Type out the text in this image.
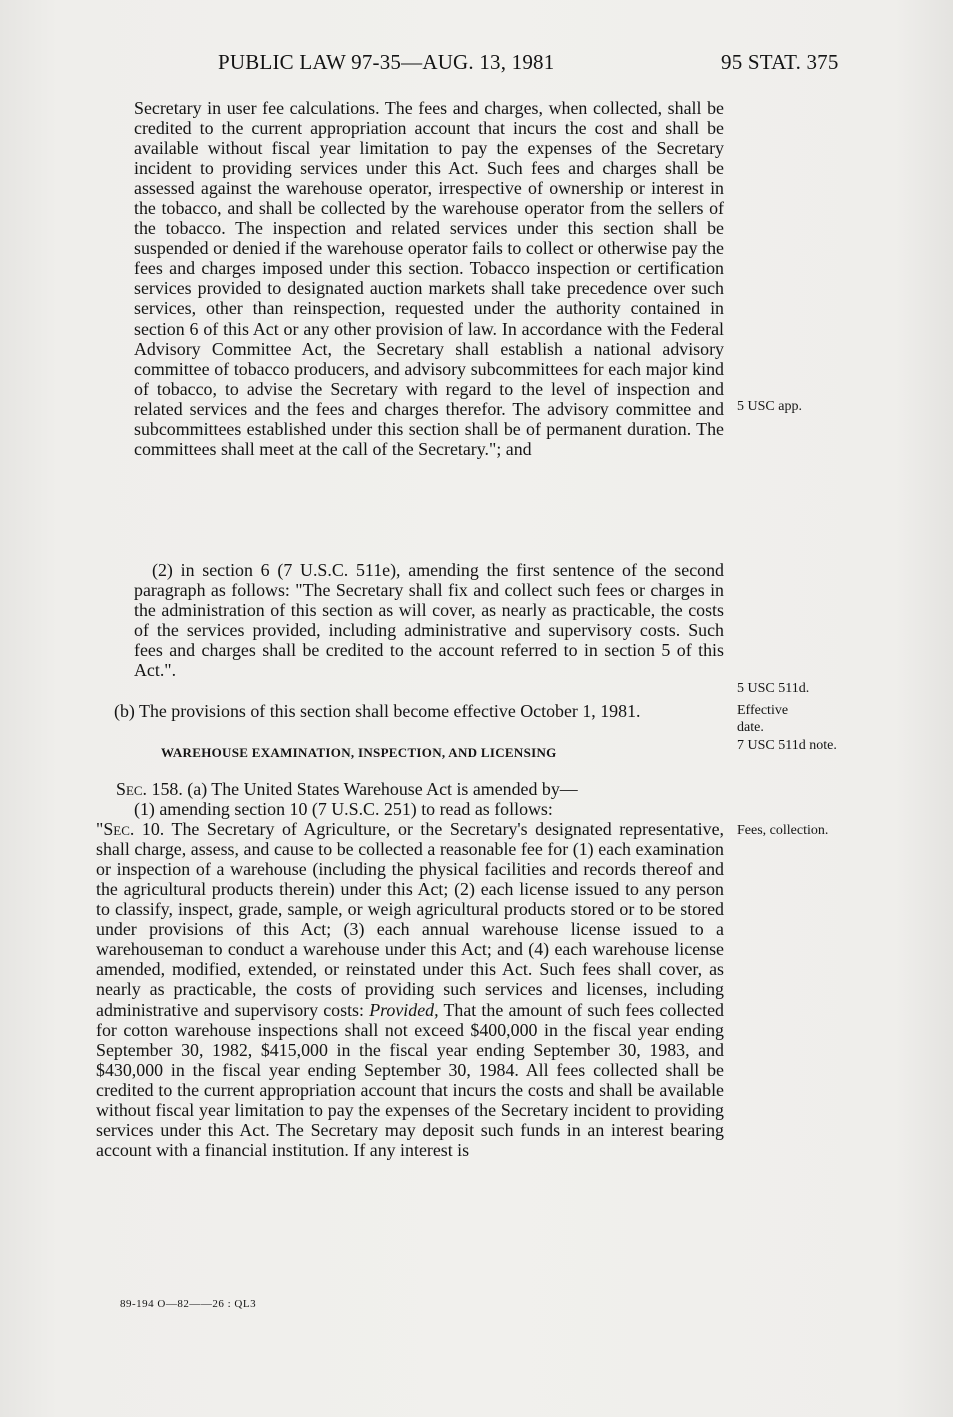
PUBLIC LAW 97-35—AUG. 13, 1981	95 STAT. 375

Secretary in user fee calculations. The fees and charges, when collected, shall be credited to the current appropriation account that incurs the cost and shall be available without fiscal year limitation to pay the expenses of the Secretary incident to providing services under this Act. Such fees and charges shall be assessed against the warehouse operator, irrespective of ownership or interest in the tobacco, and shall be collected by the warehouse operator from the sellers of the tobacco. The inspection and related services under this section shall be suspended or denied if the warehouse operator fails to collect or otherwise pay the fees and charges imposed under this section. Tobacco inspection or certification services provided to designated auction markets shall take precedence over such services, other than reinspection, requested under the authority contained in section 6 of this Act or any other provision of law. In accordance with the Federal Advisory Committee Act, the Secretary shall establish a national advisory committee of tobacco producers, and advisory subcommittees for each major kind of tobacco, to advise the Secretary with regard to the level of inspection and related services and the fees and charges therefor. The advisory committee and subcommittees established under this section shall be of permanent duration. The committees shall meet at the call of the Secretary."; and

(2) in section 6 (7 U.S.C. 511e), amending the first sentence of the second paragraph as follows: "The Secretary shall fix and collect such fees or charges in the administration of this section as will cover, as nearly as practicable, the costs of the services provided, including administrative and supervisory costs. Such fees and charges shall be credited to the account referred to in section 5 of this Act.".

(b) The provisions of this section shall become effective October 1, 1981.

WAREHOUSE EXAMINATION, INSPECTION, AND LICENSING

Sec. 158. (a) The United States Warehouse Act is amended by—

(1) amending section 10 (7 U.S.C. 251) to read as follows:

"Sec. 10. The Secretary of Agriculture, or the Secretary's designated representative, shall charge, assess, and cause to be collected a reasonable fee for (1) each examination or inspection of a warehouse (including the physical facilities and records thereof and the agricultural products therein) under this Act; (2) each license issued to any person to classify, inspect, grade, sample, or weigh agricultural products stored or to be stored under provisions of this Act; (3) each annual warehouse license issued to a warehouseman to conduct a warehouse under this Act; and (4) each warehouse license amended, modified, extended, or reinstated under this Act. Such fees shall cover, as nearly as practicable, the costs of providing such services and licenses, including administrative and supervisory costs: Provided, That the amount of such fees collected for cotton warehouse inspections shall not exceed $400,000 in the fiscal year ending September 30, 1982, $415,000 in the fiscal year ending September 30, 1983, and $430,000 in the fiscal year ending September 30, 1984. All fees collected shall be credited to the current appropriation account that incurs the costs and shall be available without fiscal year limitation to pay the expenses of the Secretary incident to providing services under this Act. The Secretary may deposit such funds in an interest bearing account with a financial institution. If any interest is

5 USC app.
5 USC 511d.
Effective
date.
7 USC 511d note.
Fees, collection.
89-194 O—82——26 : QL3
